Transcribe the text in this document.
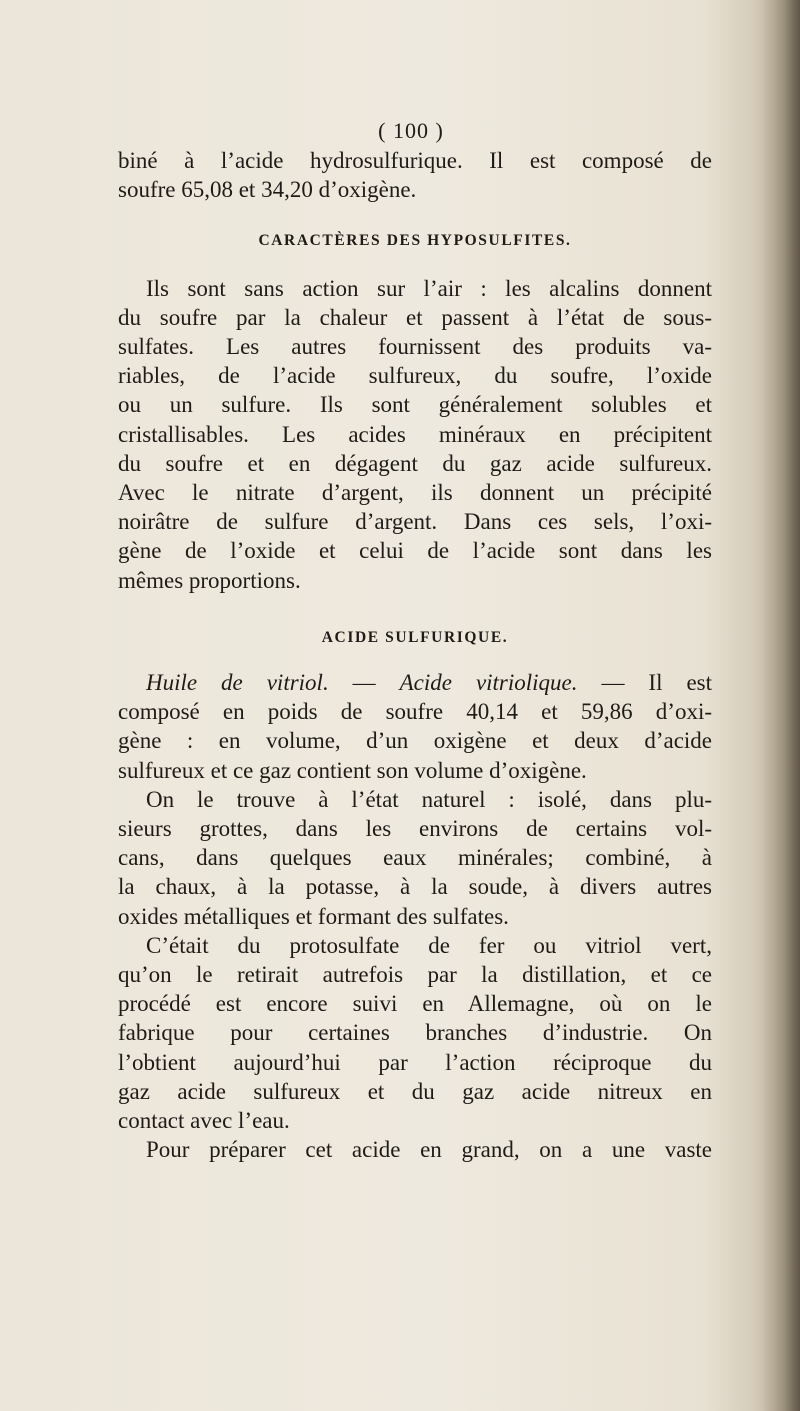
( 100 )
biné à l’acide hydrosulfurique. Il est composé de
soufre 65,08 et 34,20 d’oxigène.
CARACTÈRES DES HYPOSULFITES.
Ils sont sans action sur l’air : les alcalins donnent
du soufre par la chaleur et passent à l’état de sous-
sulfates. Les autres fournissent des produits va-
riables, de l’acide sulfureux, du soufre, l’oxide
ou un sulfure. Ils sont généralement solubles et
cristallisables. Les acides minéraux en précipitent
du soufre et en dégagent du gaz acide sulfureux.
Avec le nitrate d’argent, ils donnent un précipité
noirâtre de sulfure d’argent. Dans ces sels, l’oxi-
gène de l’oxide et celui de l’acide sont dans les
mêmes proportions.
ACIDE SULFURIQUE.
Huile de vitriol. — Acide vitriolique. — Il est
composé en poids de soufre 40,14 et 59,86 d’oxi-
gène : en volume, d’un oxigène et deux d’acide
sulfureux et ce gaz contient son volume d’oxigène.
On le trouve à l’état naturel : isolé, dans plu-
sieurs grottes, dans les environs de certains vol-
cans, dans quelques eaux minérales; combiné, à
la chaux, à la potasse, à la soude, à divers autres
oxides métalliques et formant des sulfates.
C’était du protosulfate de fer ou vitriol vert,
qu’on le retirait autrefois par la distillation, et ce
procédé est encore suivi en Allemagne, où on le
fabrique pour certaines branches d’industrie. On
l’obtient aujourd’hui par l’action réciproque du
gaz acide sulfureux et du gaz acide nitreux en
contact avec l’eau.
Pour préparer cet acide en grand, on a une vaste
